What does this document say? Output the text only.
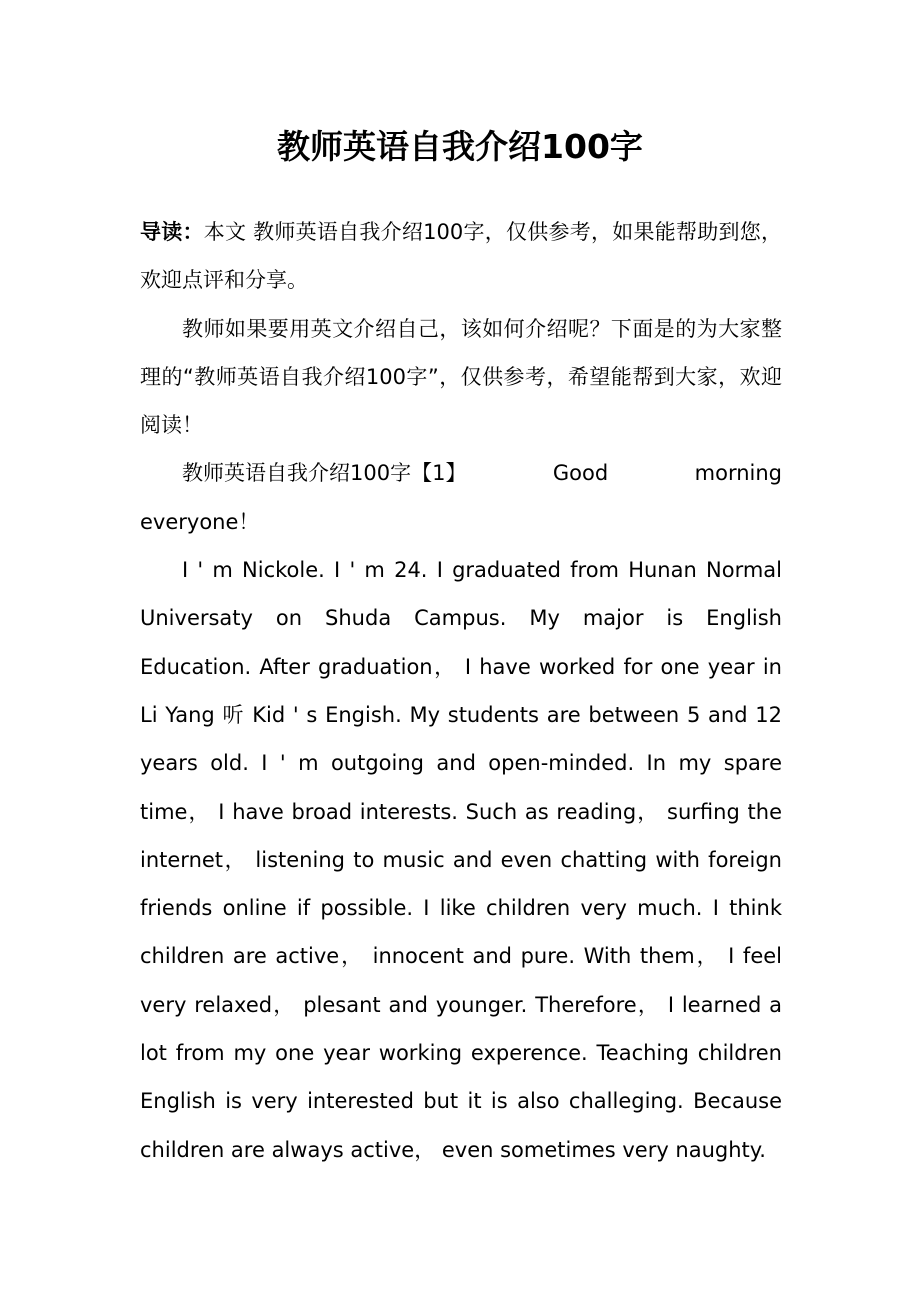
教师英语自我介绍100字

导读：本文 教师英语自我介绍100字，仅供参考，如果能帮助到您，欢迎点评和分享。

教师如果要用英文介绍自己，该如何介绍呢？下面是的为大家整理的“教师英语自我介绍100字”，仅供参考，希望能帮到大家，欢迎阅读！

教师英语自我介绍100字【1】	Good	morning
everyone！

I ' m Nickole. I ' m 24. I graduated from Hunan Normal Universaty on Shuda Campus. My major is English Education. After graduation， I have worked for one year in Li Yang 听 Kid ' s Engish. My students are between 5 and 12 years old. I ' m outgoing and open-minded. In my spare time， I have broad interests. Such as reading， surfing the internet， listening to music and even chatting with foreign friends online if possible. I like children very much. I think children are active， innocent and pure. With them， I feel very relaxed， plesant and younger. Therefore， I learned a lot from my one year working experence. Teaching children English is very interested but it is also challeging. Because children are always active， even sometimes very naughty.
